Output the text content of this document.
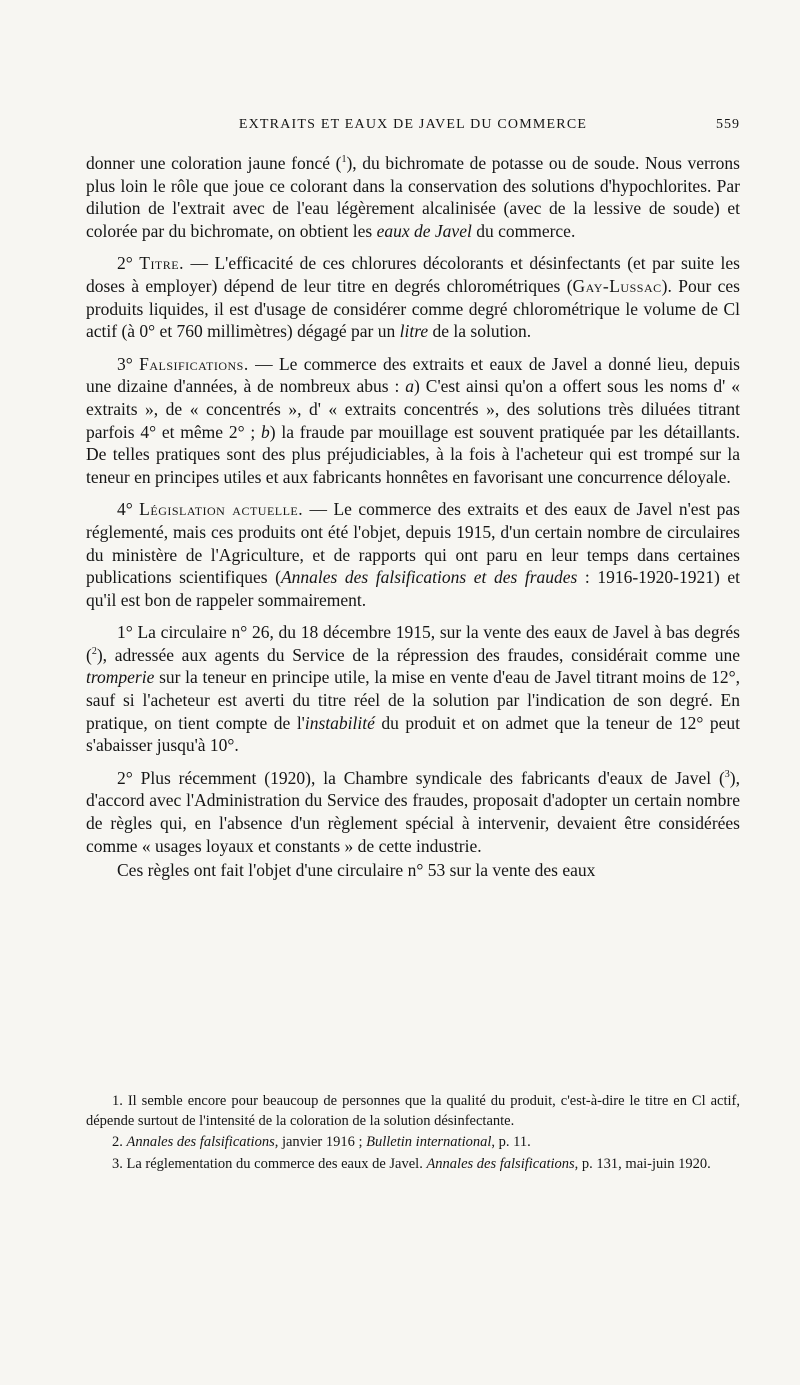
EXTRAITS ET EAUX DE JAVEL DU COMMERCE	559

donner une coloration jaune foncé ($^1$), du bichromate de potasse ou de soude. Nous verrons plus loin le rôle que joue ce colorant dans la conservation des solutions d'hypochlorites. Par dilution de l'extrait avec de l'eau légèrement alcalinisée (avec de la lessive de soude) et colorée par du bichromate, on obtient les eaux de Javel du commerce.

2° Titre. — L'efficacité de ces chlorures décolorants et désinfectants (et par suite les doses à employer) dépend de leur titre en degrés chlorométriques (Gay-Lussac). Pour ces produits liquides, il est d'usage de considérer comme degré chlorométrique le volume de Cl actif (à 0° et 760 millimètres) dégagé par un litre de la solution.

3° Falsifications. — Le commerce des extraits et eaux de Javel a donné lieu, depuis une dizaine d'années, à de nombreux abus : a) C'est ainsi qu'on a offert sous les noms d' « extraits », de « concentrés », d' « extraits concentrés », des solutions très diluées titrant parfois 4° et même 2° ; b) la fraude par mouillage est souvent pratiquée par les détaillants. De telles pratiques sont des plus préjudiciables, à la fois à l'acheteur qui est trompé sur la teneur en principes utiles et aux fabricants honnêtes en favorisant une concurrence déloyale.

4° Législation actuelle. — Le commerce des extraits et des eaux de Javel n'est pas réglementé, mais ces produits ont été l'objet, depuis 1915, d'un certain nombre de circulaires du ministère de l'Agriculture, et de rapports qui ont paru en leur temps dans certaines publications scientifiques (Annales des falsifications et des fraudes : 1916-1920-1921) et qu'il est bon de rappeler sommairement.

1° La circulaire n° 26, du 18 décembre 1915, sur la vente des eaux de Javel à bas degrés ($^2$), adressée aux agents du Service de la répression des fraudes, considérait comme une tromperie sur la teneur en principe utile, la mise en vente d'eau de Javel titrant moins de 12°, sauf si l'acheteur est averti du titre réel de la solution par l'indication de son degré. En pratique, on tient compte de l'instabilité du produit et on admet que la teneur de 12° peut s'abaisser jusqu'à 10°.

2° Plus récemment (1920), la Chambre syndicale des fabricants d'eaux de Javel ($^3$), d'accord avec l'Administration du Service des fraudes, proposait d'adopter un certain nombre de règles qui, en l'absence d'un règlement spécial à intervenir, devaient être considérées comme « usages loyaux et constants » de cette industrie.

Ces règles ont fait l'objet d'une circulaire n° 53 sur la vente des eaux

1. Il semble encore pour beaucoup de personnes que la qualité du produit, c'est-à-dire le titre en Cl actif, dépende surtout de l'intensité de la coloration de la solution désinfectante.

2. Annales des falsifications, janvier 1916 ; Bulletin international, p. 11.

3. La réglementation du commerce des eaux de Javel. Annales des falsifications, p. 131, mai-juin 1920.
